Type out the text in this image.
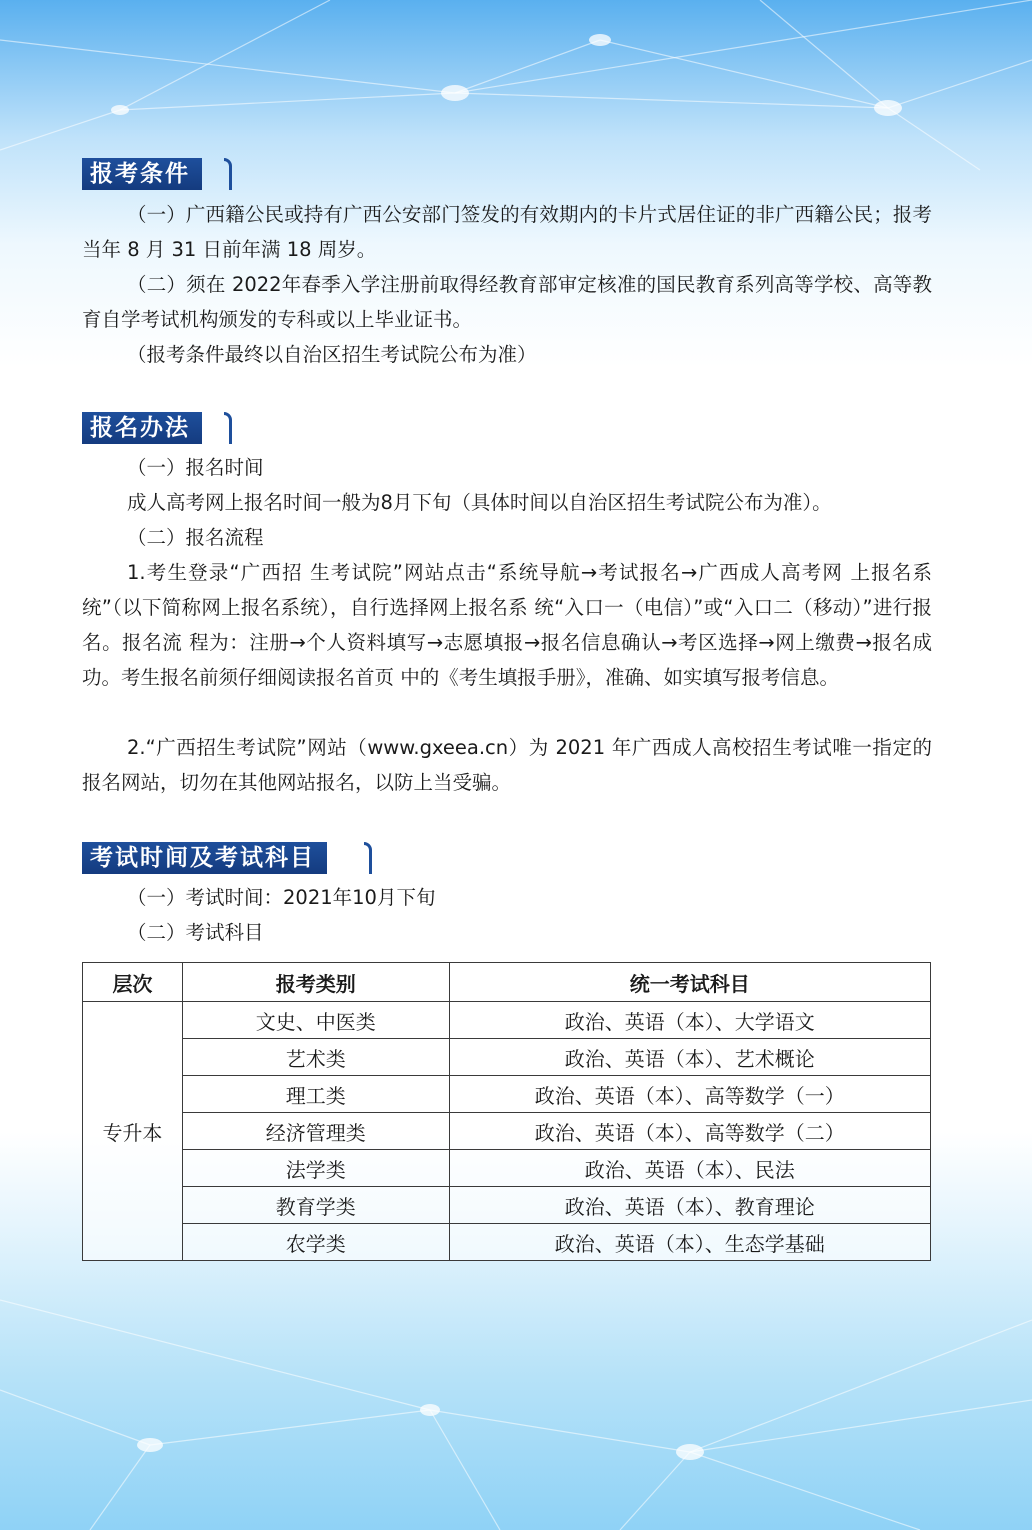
报考条件

（一）广西籍公民或持有广西公安部门签发的有效期内的卡片式居住证的非广西籍公民；报考当年 8 月 31 日前年满 18 周岁。

（二）须在 2022年春季入学注册前取得经教育部审定核准的国民教育系列高等学校、高等教育自学考试机构颁发的专科或以上毕业证书。

（报考条件最终以自治区招生考试院公布为准）

报名办法

（一）报名时间

成人高考网上报名时间一般为8月下旬（具体时间以自治区招生考试院公布为准）。

（二）报名流程

1.考生登录“广西招 生考试院”网站点击“系统导航→考试报名→广西成人高考网 上报名系统”（以下简称网上报名系统），自行选择网上报名系 统“入口一（电信）”或“入口二（移动）”进行报名。报名流 程为：注册→个人资料填写→志愿填报→报名信息确认→考区选择→网上缴费→报名成功。考生报名前须仔细阅读报名首页 中的《考生填报手册》，准确、如实填写报考信息。

2.“广西招生考试院”网站（www.gxeea.cn）为 2021 年广西成人高校招生考试唯一指定的报名网站，切勿在其他网站报名，以防上当受骗。

考试时间及考试科目

（一）考试时间：2021年10月下旬

（二）考试科目

层次	报考类别	统一考试科目
专升本	文史、中医类	政治、英语（本）、大学语文
	艺术类	政治、英语（本）、艺术概论
	理工类	政治、英语（本）、高等数学（一）
	经济管理类	政治、英语（本）、高等数学（二）
	法学类	政治、英语（本）、民法
	教育学类	政治、英语（本）、教育理论
	农学类	政治、英语（本）、生态学基础
